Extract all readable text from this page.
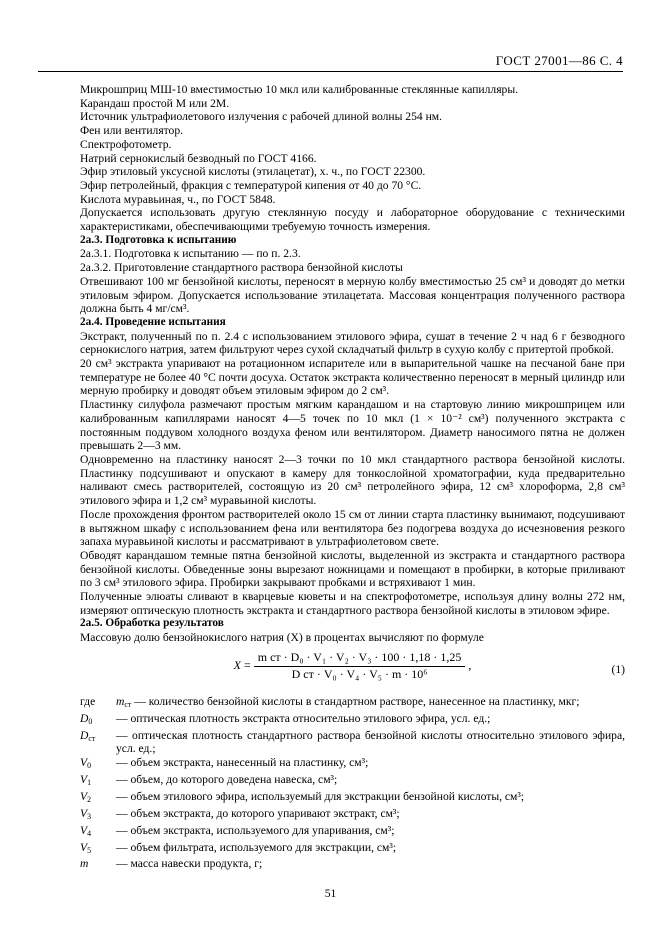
ГОСТ 27001—86 С. 4

Микрошприц МШ-10 вместимостью 10 мкл или калиброванные стеклянные капилляры.

Карандаш простой М или 2М.

Источник ультрафиолетового излучения с рабочей длиной волны 254 нм.

Фен или вентилятор.

Спектрофотометр.

Натрий сернокислый безводный по ГОСТ 4166.

Эфир этиловый уксусной кислоты (этилацетат), х. ч., по ГОСТ 22300.

Эфир петролейный, фракция с температурой кипения от 40 до 70 °С.

Кислота муравьиная, ч., по ГОСТ 5848.

Допускается использовать другую стеклянную посуду и лабораторное оборудование с техническими характеристиками, обеспечивающими требуемую точность измерения.

2а.3. Подготовка к испытанию

2а.3.1. Подготовка к испытанию — по п. 2.3.

2а.3.2. Приготовление стандартного раствора бензойной кислоты

Отвешивают 100 мг бензойной кислоты, переносят в мерную колбу вместимостью 25 см³ и доводят до метки этиловым эфиром. Допускается использование этилацетата. Массовая концентрация полученного раствора должна быть 4 мг/см³.

2а.4. Проведение испытания

Экстракт, полученный по п. 2.4 с использованием этилового эфира, сушат в течение 2 ч над 6 г безводного сернокислого натрия, затем фильтруют через сухой складчатый фильтр в сухую колбу с притертой пробкой.

20 см³ экстракта упаривают на ротационном испарителе или в выпарительной чашке на песчаной бане при температуре не более 40 °С почти досуха. Остаток экстракта количественно переносят в мерный цилиндр или мерную пробирку и доводят объем этиловым эфиром до 2 см³.

Пластинку силуфола размечают простым мягким карандашом и на стартовую линию микрошприцем или калиброванным капиллярами наносят 4—5 точек по 10 мкл (1 × 10⁻² см³) полученного экстракта с постоянным поддувом холодного воздуха феном или вентилятором. Диаметр наносимого пятна не должен превышать 2—3 мм.

Одновременно на пластинку наносят 2—3 точки по 10 мкл стандартного раствора бензойной кислоты. Пластинку подсушивают и опускают в камеру для тонкослойной хроматографии, куда предварительно наливают смесь растворителей, состоящую из 20 см³ петролейного эфира, 12 см³ хлороформа, 2,8 см³ этилового эфира и 1,2 см³ муравьиной кислоты.

После прохождения фронтом растворителей около 15 см от линии старта пластинку вынимают, подсушивают в вытяжном шкафу с использованием фена или вентилятора без подогрева воздуха до исчезновения резкого запаха муравьиной кислоты и рассматривают в ультрафиолетовом свете.

Обводят карандашом темные пятна бензойной кислоты, выделенной из экстракта и стандартного раствора бензойной кислоты. Обведенные зоны вырезают ножницами и помещают в пробирки, в которые приливают по 3 см³ этилового эфира. Пробирки закрывают пробками и встряхивают 1 мин.

Полученные элюаты сливают в кварцевые кюветы и на спектрофотометре, используя длину волны 272 нм, измеряют оптическую плотность экстракта и стандартного раствора бензойной кислоты в этиловом эфире.

2а.5. Обработка результатов

Массовую долю бензойнокислого натрия (Х) в процентах вычисляют по формуле

$X = \frac{\text{m ст · D₀ · V₁ · V₂ · V₃ · 100 · 1,18 · 1,25}}{\text{D ст · V₀ · V₄ · V₅ · m · 10⁶}}$ ,	(1)
где	$m_{ст}$ — количество бензойной кислоты в стандартном растворе, нанесенное на пластинку, мкг;
$D_0$	— оптическая плотность экстракта относительно этилового эфира, усл. ед.;
$D_{ст}$	— оптическая плотность стандартного раствора бензойной кислоты относительно этилового эфира, усл. ед.;
$V_0$	— объем экстракта, нанесенный на пластинку, см³;
$V_1$	— объем, до которого доведена навеска, см³;
$V_2$	— объем этилового эфира, используемый для экстракции бензойной кислоты, см³;
$V_3$	— объем экстракта, до которого упаривают экстракт, см³;
$V_4$	— объем экстракта, используемого для упаривания, см³;
$V_5$	— объем фильтрата, используемого для экстракции, см³;
m	— масса навески продукта, г;
51
